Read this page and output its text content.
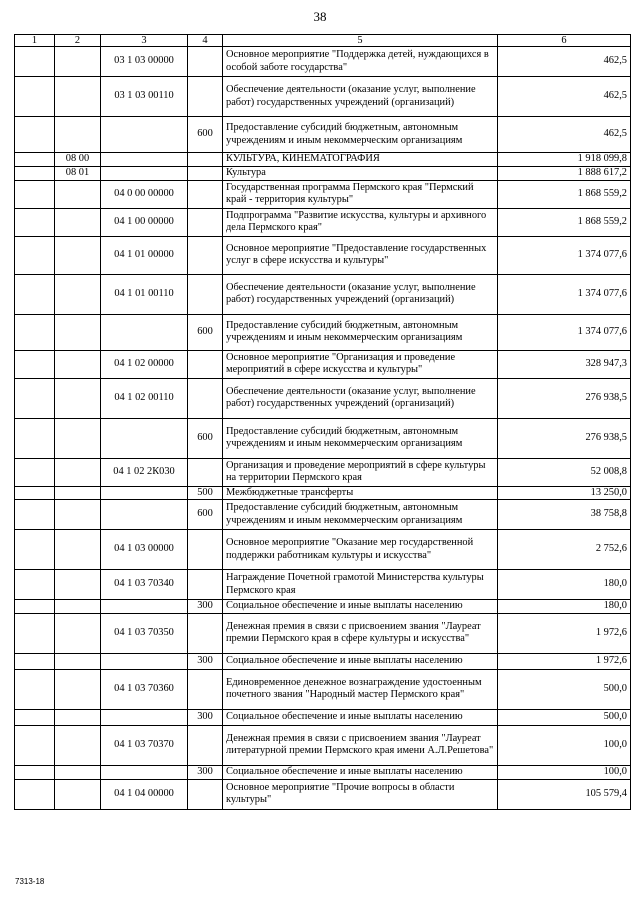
38
1	2	3	4	5	6
		03 1 03 00000		Основное мероприятие "Поддержка детей, нуждающихся в особой заботе государства"	462,5
		03 1 03 00110		Обеспечение деятельности (оказание услуг, выполнение работ) государственных учреждений (организаций)	462,5
			600	Предоставление субсидий бюджетным, автономным учреждениям и иным некоммерческим организациям	462,5
	08 00			КУЛЬТУРА, КИНЕМАТОГРАФИЯ	1 918 099,8
	08 01			Культура	1 888 617,2
		04 0 00 00000		Государственная программа Пермского края "Пермский край - территория культуры"	1 868 559,2
		04 1 00 00000		Подпрограмма "Развитие искусства, культуры и архивного дела Пермского края"	1 868 559,2
		04 1 01 00000		Основное мероприятие "Предоставление государственных услуг в сфере искусства и культуры"	1 374 077,6
		04 1 01 00110		Обеспечение деятельности (оказание услуг, выполнение работ) государственных учреждений (организаций)	1 374 077,6
			600	Предоставление субсидий бюджетным, автономным учреждениям и иным некоммерческим организациям	1 374 077,6
		04 1 02 00000		Основное мероприятие "Организация и проведение мероприятий в сфере искусства и культуры"	328 947,3
		04 1 02 00110		Обеспечение деятельности (оказание услуг, выполнение работ) государственных учреждений (организаций)	276 938,5
			600	Предоставление субсидий бюджетным, автономным учреждениям и иным некоммерческим организациям	276 938,5
		04 1 02 2К030		Организация и проведение мероприятий в сфере культуры на территории Пермского края	52 008,8
			500	Межбюджетные трансферты	13 250,0
			600	Предоставление субсидий бюджетным, автономным учреждениям и иным некоммерческим организациям	38 758,8
		04 1 03 00000		Основное мероприятие "Оказание мер государственной поддержки работникам культуры и искусства"	2 752,6
		04 1 03 70340		Награждение Почетной грамотой Министерства культуры Пермского края	180,0
			300	Социальное обеспечение и иные выплаты населению	180,0
		04 1 03 70350		Денежная премия в связи с присвоением звания "Лауреат премии Пермского края в сфере культуры и искусства"	1 972,6
			300	Социальное обеспечение и иные выплаты населению	1 972,6
		04 1 03 70360		Единовременное денежное вознаграждение удостоенным почетного звания "Народный мастер Пермского края"	500,0
			300	Социальное обеспечение и иные выплаты населению	500,0
		04 1 03 70370		Денежная премия в связи с присвоением звания "Лауреат литературной премии Пермского края имени А.Л.Решетова"	100,0
			300	Социальное обеспечение и иные выплаты населению	100,0
		04 1 04 00000		Основное мероприятие "Прочие вопросы в области культуры"	105 579,4
7313-18
